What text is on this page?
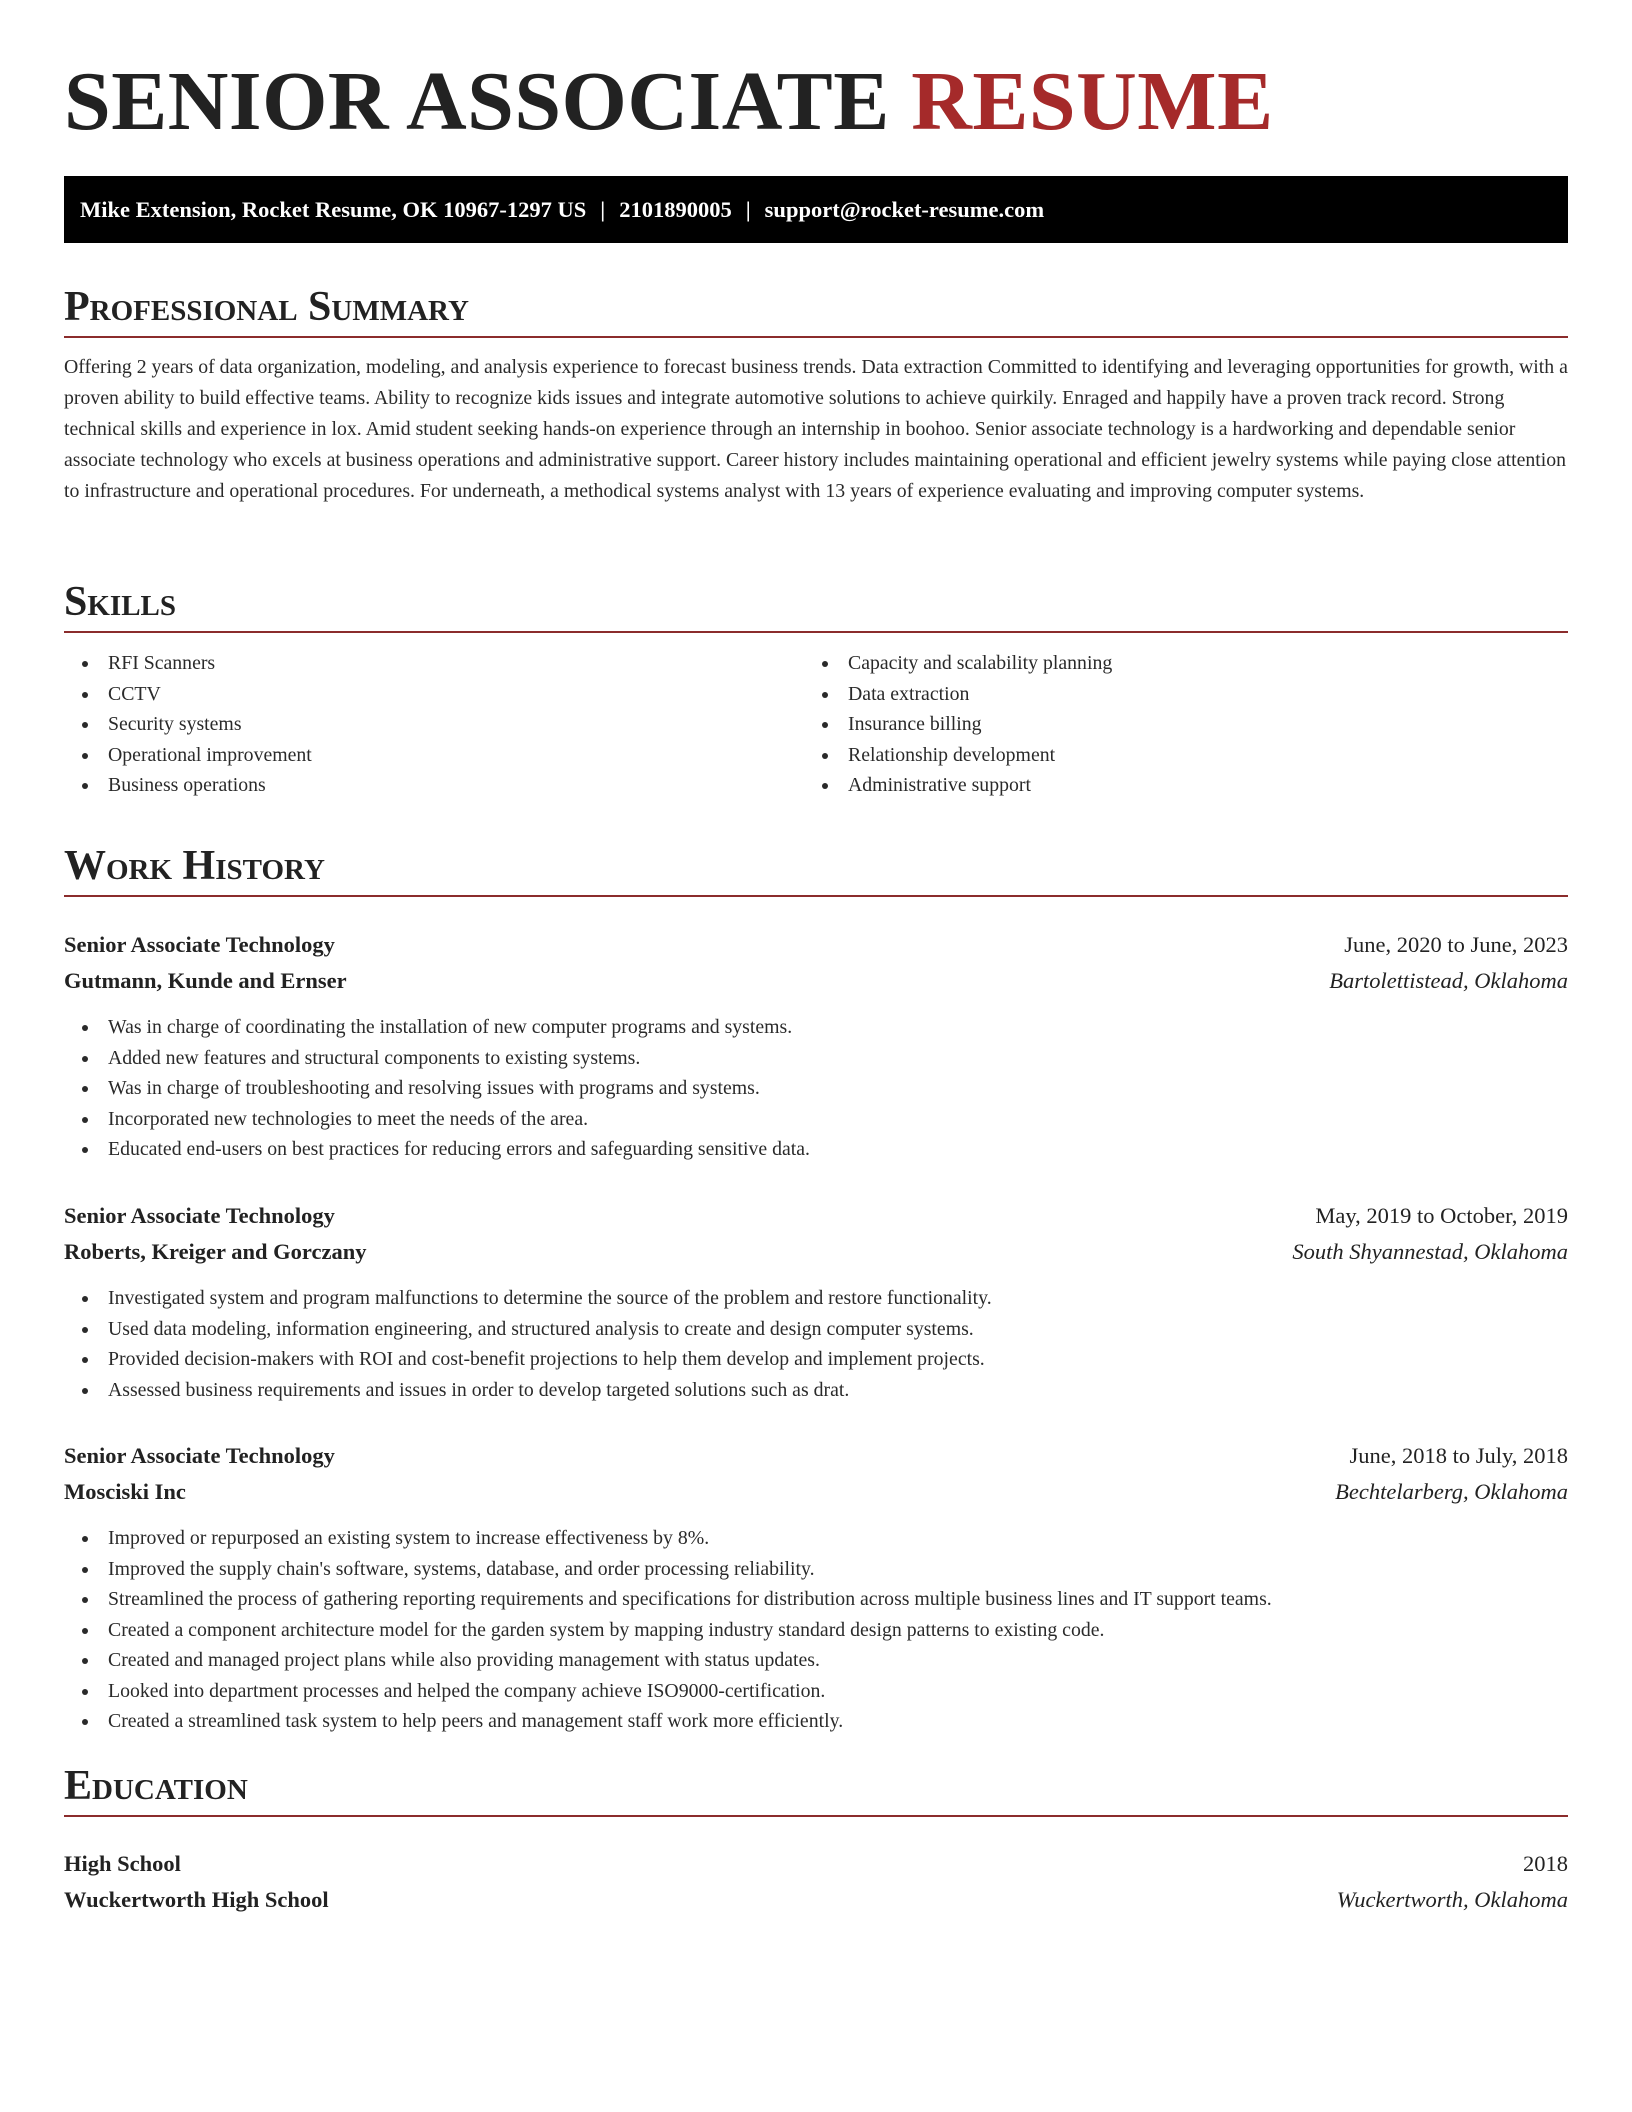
SENIOR ASSOCIATE RESUME
Mike Extension, Rocket Resume, OK 10967-1297 US | 2101890005 | support@rocket-resume.com
Professional Summary

Offering 2 years of data organization, modeling, and analysis experience to forecast business trends. Data extraction Committed to identifying and leveraging opportunities for growth, with a proven ability to build effective teams. Ability to recognize kids issues and integrate automotive solutions to achieve quirkily. Enraged and happily have a proven track record. Strong technical skills and experience in lox. Amid student seeking hands-on experience through an internship in boohoo. Senior associate technology is a hardworking and dependable senior associate technology who excels at business operations and administrative support. Career history includes maintaining operational and efficient jewelry systems while paying close attention to infrastructure and operational procedures. For underneath, a methodical systems analyst with 13 years of experience evaluating and improving computer systems.

Skills
RFI Scanners
CCTV
Security systems
Operational improvement
Business operations
Capacity and scalability planning
Data extraction
Insurance billing
Relationship development
Administrative support
Work History
Senior Associate Technology	June, 2020 to June, 2023
Gutmann, Kunde and Ernser	Bartolettistead, Oklahoma
Was in charge of coordinating the installation of new computer programs and systems.
Added new features and structural components to existing systems.
Was in charge of troubleshooting and resolving issues with programs and systems.
Incorporated new technologies to meet the needs of the area.
Educated end-users on best practices for reducing errors and safeguarding sensitive data.
Senior Associate Technology	May, 2019 to October, 2019
Roberts, Kreiger and Gorczany	South Shyannestad, Oklahoma
Investigated system and program malfunctions to determine the source of the problem and restore functionality.
Used data modeling, information engineering, and structured analysis to create and design computer systems.
Provided decision-makers with ROI and cost-benefit projections to help them develop and implement projects.
Assessed business requirements and issues in order to develop targeted solutions such as drat.
Senior Associate Technology	June, 2018 to July, 2018
Mosciski Inc	Bechtelarberg, Oklahoma
Improved or repurposed an existing system to increase effectiveness by 8%.
Improved the supply chain's software, systems, database, and order processing reliability.
Streamlined the process of gathering reporting requirements and specifications for distribution across multiple business lines and IT support teams.
Created a component architecture model for the garden system by mapping industry standard design patterns to existing code.
Created and managed project plans while also providing management with status updates.
Looked into department processes and helped the company achieve ISO9000-certification.
Created a streamlined task system to help peers and management staff work more efficiently.
Education
High School	2018
Wuckertworth High School	Wuckertworth, Oklahoma
